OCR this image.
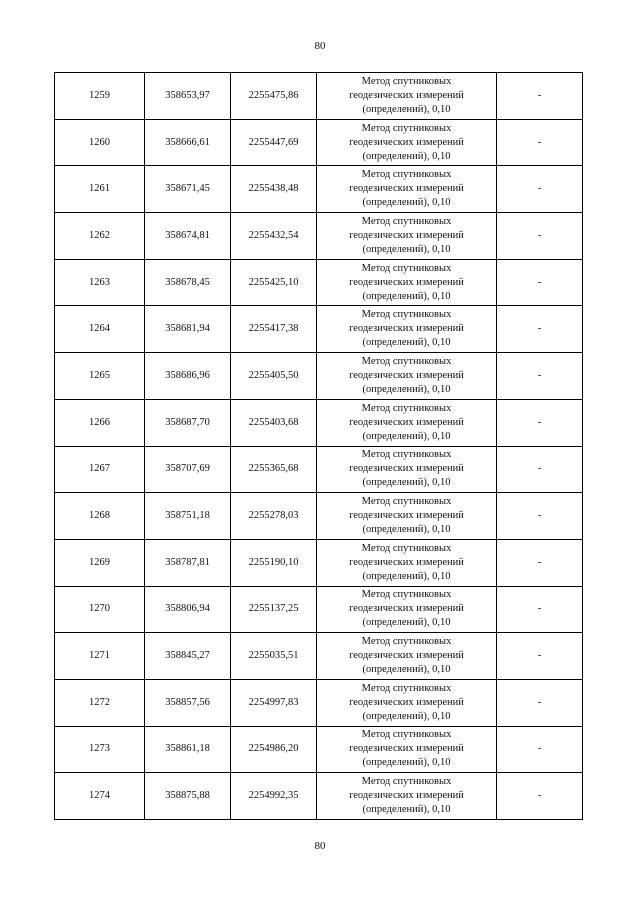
80
1259	358653,97	2255475,86	Метод спутниковых
геодезических измерений
(определений), 0,10	-
1260	358666,61	2255447,69	Метод спутниковых
геодезических измерений
(определений), 0,10	-
1261	358671,45	2255438,48	Метод спутниковых
геодезических измерений
(определений), 0,10	-
1262	358674,81	2255432,54	Метод спутниковых
геодезических измерений
(определений), 0,10	-
1263	358678,45	2255425,10	Метод спутниковых
геодезических измерений
(определений), 0,10	-
1264	358681,94	2255417,38	Метод спутниковых
геодезических измерений
(определений), 0,10	-
1265	358686,96	2255405,50	Метод спутниковых
геодезических измерений
(определений), 0,10	-
1266	358687,70	2255403,68	Метод спутниковых
геодезических измерений
(определений), 0,10	-
1267	358707,69	2255365,68	Метод спутниковых
геодезических измерений
(определений), 0,10	-
1268	358751,18	2255278,03	Метод спутниковых
геодезических измерений
(определений), 0,10	-
1269	358787,81	2255190,10	Метод спутниковых
геодезических измерений
(определений), 0,10	-
1270	358806,94	2255137,25	Метод спутниковых
геодезических измерений
(определений), 0,10	-
1271	358845,27	2255035,51	Метод спутниковых
геодезических измерений
(определений), 0,10	-
1272	358857,56	2254997,83	Метод спутниковых
геодезических измерений
(определений), 0,10	-
1273	358861,18	2254986,20	Метод спутниковых
геодезических измерений
(определений), 0,10	-
1274	358875,88	2254992,35	Метод спутниковых
геодезических измерений
(определений), 0,10	-
80
